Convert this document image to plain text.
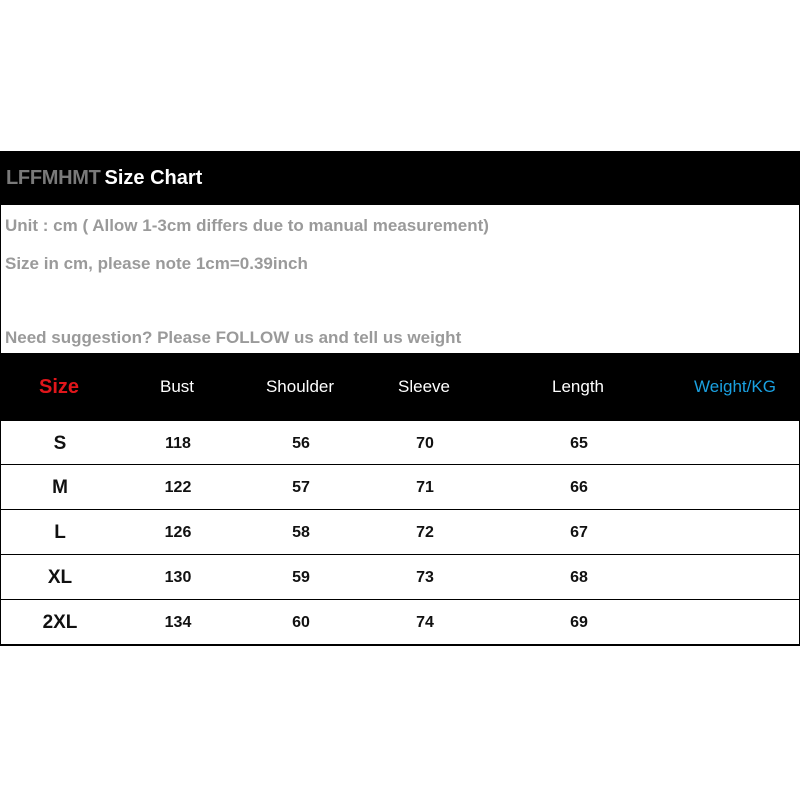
LFFMHMT Size Chart
Unit : cm ( Allow 1-3cm differs due to manual measurement)
Size in cm, please note 1cm=0.39inch
Need suggestion? Please FOLLOW us and tell us weight
Size	Bust	Shoulder	Sleeve	Length	Weight/KG
S	118	56	70	65
M	122	57	71	66
L	126	58	72	67
XL	130	59	73	68
2XL	134	60	74	69
